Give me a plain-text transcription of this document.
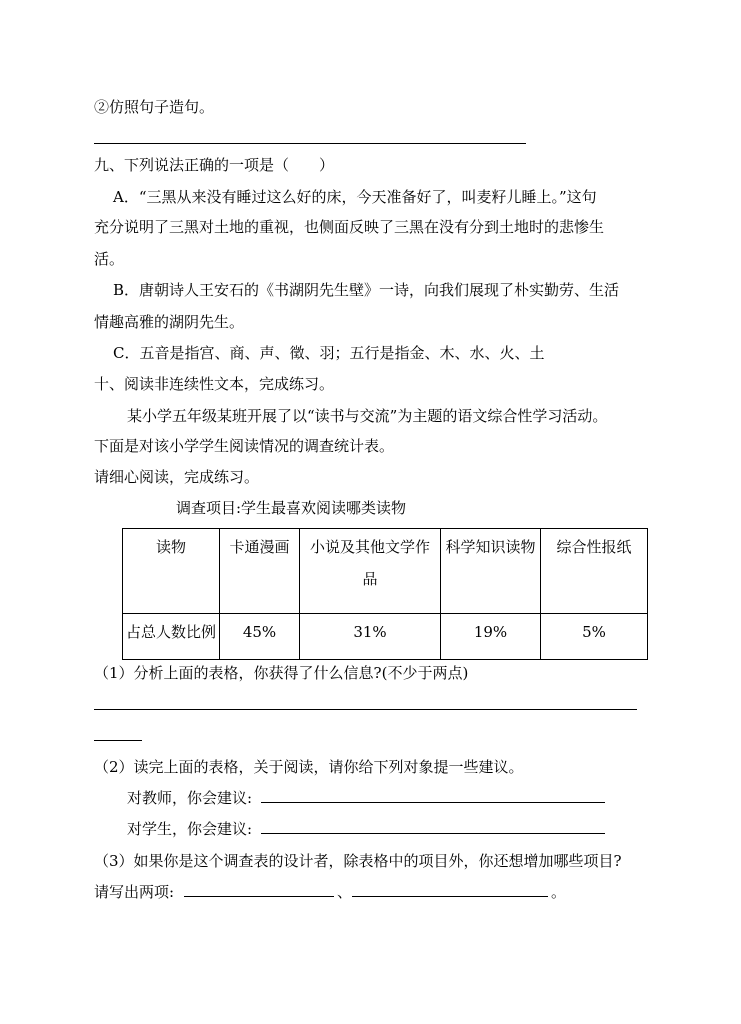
②仿照句子造句。
九、下列说法正确的一项是（　　）
A．“三黑从来没有睡过这么好的床，今天准备好了，叫麦籽儿睡上。”这句
充分说明了三黑对土地的重视，也侧面反映了三黑在没有分到土地时的悲惨生
活。
B．唐朝诗人王安石的《书湖阴先生壁》一诗，向我们展现了朴实勤劳、生活
情趣高雅的湖阴先生。
C．五音是指宫、商、声、徵、羽；五行是指金、木、水、火、土
十、阅读非连续性文本，完成练习。
某小学五年级某班开展了以“读书与交流”为主题的语文综合性学习活动。
下面是对该小学学生阅读情况的调查统计表。
请细心阅读，完成练习。
调查项目:学生最喜欢阅读哪类读物
读物	卡通漫画	小说及其他文学作品	科学知识读物	综合性报纸
占总人数比例	45%	31%	19%	5%
（1）分析上面的表格，你获得了什么信息?(不少于两点)
（2）读完上面的表格，关于阅读，请你给下列对象提一些建议。
对教师，你会建议:
对学生，你会建议:
（3）如果你是这个调查表的设计者，除表格中的项目外，你还想增加哪些项目?
请写出两项:	、	。
